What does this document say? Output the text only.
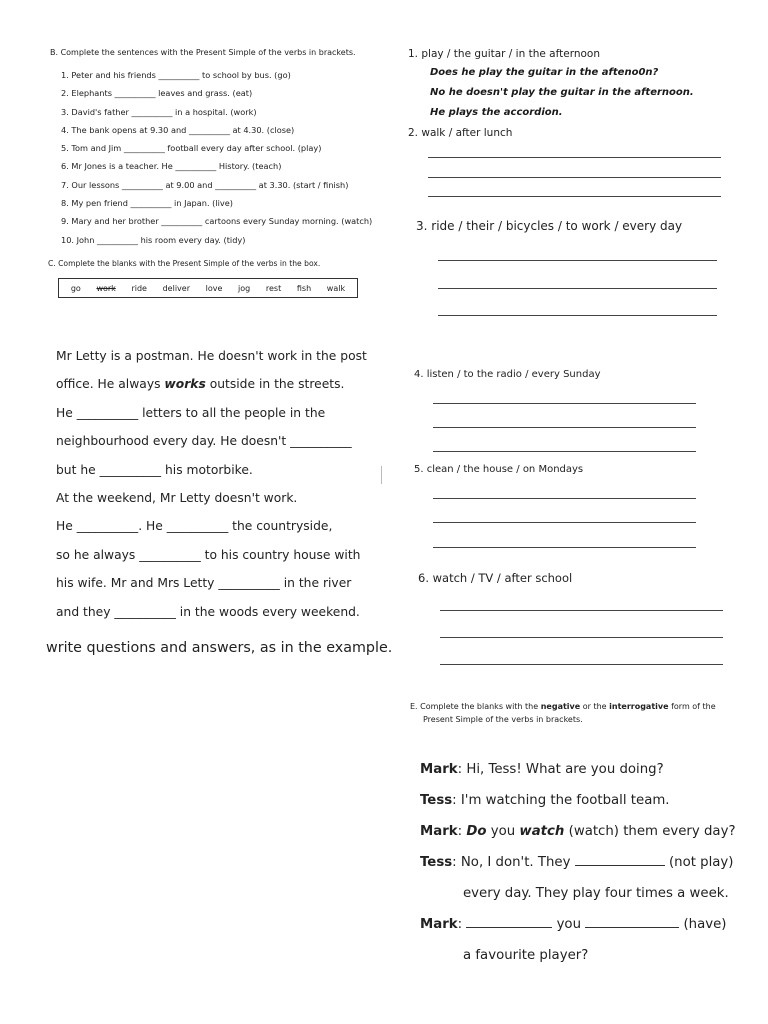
B. Complete the sentences with the Present Simple of the verbs in brackets.
1. Peter and his friends __________ to school by bus. (go)
2. Elephants __________ leaves and grass. (eat)
3. David's father __________ in a hospital. (work)
4. The bank opens at 9.30 and __________ at 4.30. (close)
5. Tom and Jim __________ football every day after school. (play)
6. Mr Jones is a teacher. He __________ History. (teach)
7. Our lessons __________ at 9.00 and __________ at 3.30. (start / finish)
8. My pen friend __________ in Japan. (live)
9. Mary and her brother __________ cartoons every Sunday morning. (watch)
10. John __________ his room every day. (tidy)
C. Complete the blanks with the Present Simple of the verbs in the box.
go work ride deliver love jog rest fish walk
Mr Letty is a postman. He doesn't work in the post
office. He always works outside in the streets.
He __________ letters to all the people in the
neighbourhood every day. He doesn't __________
but he __________ his motorbike.
At the weekend, Mr Letty doesn't work.
He __________. He __________ the countryside,
so he always __________ to his country house with
his wife. Mr and Mrs Letty __________ in the river
and they __________ in the woods every weekend.
write questions and answers, as in the example.
1. play / the guitar / in the afternoon
Does he play the guitar in the afteno0n?
No he doesn't play the guitar in the afternoon.
He plays the accordion.
2. walk / after lunch
3. ride / their / bicycles / to work / every day
4. listen / to the radio / every Sunday
5. clean / the house / on Mondays
6. watch / TV / after school
E. Complete the blanks with the negative or the interrogative form of the
Present Simple of the verbs in brackets.
Mark: Hi, Tess! What are you doing?
Tess: I'm watching the football team.
Mark: Do you watch (watch) them every day?
Tess: No, I don't. They	(not play)
every day. They play four times a week.
Mark:	you	(have)
a favourite player?
